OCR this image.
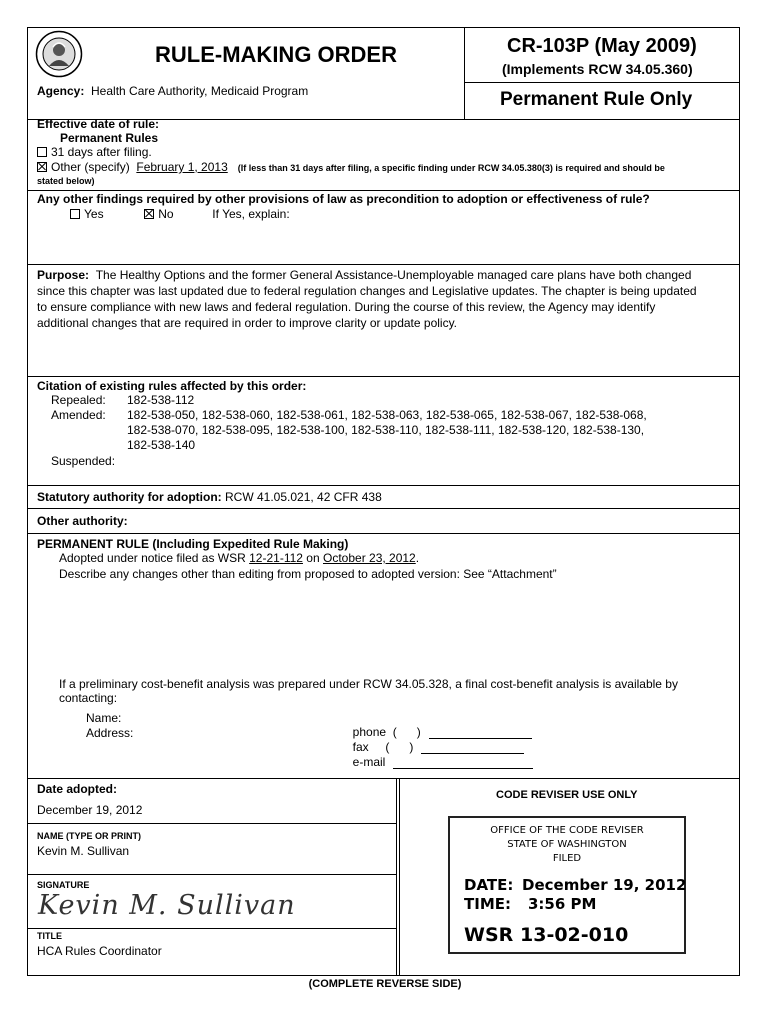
RULE-MAKING ORDER	CR-103P (May 2009)
(Implements RCW 34.05.360)
Permanent Rule Only
Agency: Health Care Authority, Medicaid Program
Effective date of rule:
Permanent Rules
31 days after filing.
Other (specify) February 1, 2013 (If less than 31 days after filing, a specific finding under RCW 34.05.380(3) is required and should be
stated below)
Any other findings required by other provisions of law as precondition to adoption or effectiveness of rule?
Yes	No	If Yes, explain:
Purpose: The Healthy Options and the former General Assistance-Unemployable managed care plans have both changed
since this chapter was last updated due to federal regulation changes and Legislative updates. The chapter is being updated
to ensure compliance with new laws and federal regulation. During the course of this review, the Agency may identify
additional changes that are required in order to improve clarity or update policy.
Citation of existing rules affected by this order:
Repealed: 182-538-112
Amended: 182-538-050, 182-538-060, 182-538-061, 182-538-063, 182-538-065, 182-538-067, 182-538-068,
182-538-070, 182-538-095, 182-538-100, 182-538-110, 182-538-111, 182-538-120, 182-538-130,
182-538-140
Suspended:
Statutory authority for adoption: RCW 41.05.021, 42 CFR 438
Other authority:
PERMANENT RULE (Including Expedited Rule Making)
Adopted under notice filed as WSR 12-21-112 on October 23, 2012.
Describe any changes other than editing from proposed to adopted version: See “Attachment”
If a preliminary cost-benefit analysis was prepared under RCW 34.05.328, a final cost-benefit analysis is available by
contacting:
Name:
Address:	phone  (      )

fax     (      )

e-mail

Date adopted:
December 19, 2012
NAME (TYPE OR PRINT)
Kevin M. Sullivan
SIGNATURE
Kevin M. Sullivan
TITLE
HCA Rules Coordinator
CODE REVISER USE ONLY
OFFICE OF THE CODE REVISER
STATE OF WASHINGTON
FILED
DATE: December 19, 2012
TIME: 3:56 PM
WSR 13-02-010
(COMPLETE REVERSE SIDE)
